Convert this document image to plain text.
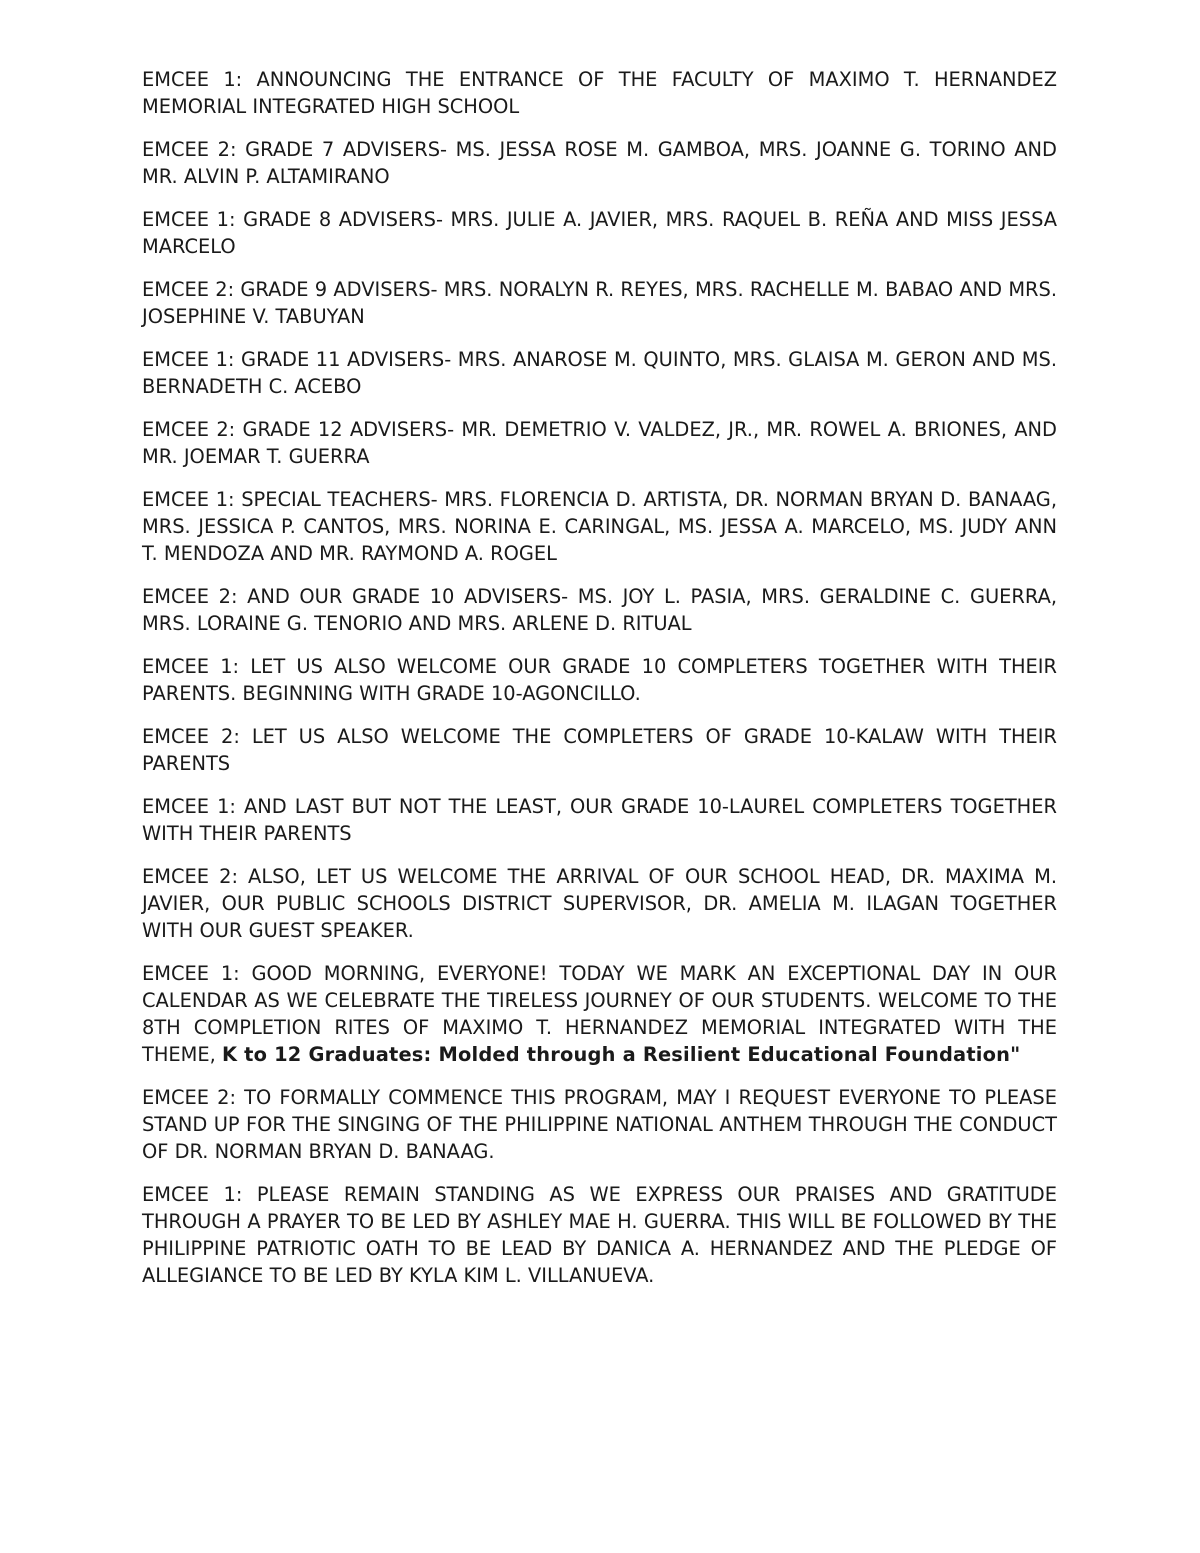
EMCEE 1: ANNOUNCING THE ENTRANCE OF THE FACULTY OF MAXIMO T. HERNANDEZ MEMORIAL INTEGRATED HIGH SCHOOL

EMCEE 2: GRADE 7 ADVISERS- MS. JESSA ROSE M. GAMBOA, MRS. JOANNE G. TORINO AND MR. ALVIN P. ALTAMIRANO

EMCEE 1: GRADE 8 ADVISERS- MRS. JULIE A. JAVIER, MRS. RAQUEL B. REÑA AND MISS JESSA MARCELO

EMCEE 2: GRADE 9 ADVISERS- MRS. NORALYN R. REYES, MRS. RACHELLE M. BABAO AND MRS. JOSEPHINE V. TABUYAN

EMCEE 1: GRADE 11 ADVISERS- MRS. ANAROSE M. QUINTO, MRS. GLAISA M. GERON AND MS. BERNADETH C. ACEBO

EMCEE 2: GRADE 12 ADVISERS- MR. DEMETRIO V. VALDEZ, JR., MR. ROWEL A. BRIONES, AND MR. JOEMAR T. GUERRA

EMCEE 1: SPECIAL TEACHERS- MRS. FLORENCIA D. ARTISTA, DR. NORMAN BRYAN D. BANAAG, MRS. JESSICA P. CANTOS, MRS. NORINA E. CARINGAL, MS. JESSA A. MARCELO, MS. JUDY ANN T. MENDOZA AND MR. RAYMOND A. ROGEL

EMCEE 2: AND OUR GRADE 10 ADVISERS- MS. JOY L. PASIA, MRS. GERALDINE C. GUERRA, MRS. LORAINE G. TENORIO AND MRS. ARLENE D. RITUAL

EMCEE 1: LET US ALSO WELCOME OUR GRADE 10 COMPLETERS TOGETHER WITH THEIR PARENTS. BEGINNING WITH GRADE 10-AGONCILLO.

EMCEE 2: LET US ALSO WELCOME THE COMPLETERS OF GRADE 10-KALAW WITH THEIR PARENTS

EMCEE 1: AND LAST BUT NOT THE LEAST, OUR GRADE 10-LAUREL COMPLETERS TOGETHER WITH THEIR PARENTS

EMCEE 2: ALSO, LET US WELCOME THE ARRIVAL OF OUR SCHOOL HEAD, DR. MAXIMA M. JAVIER, OUR PUBLIC SCHOOLS DISTRICT SUPERVISOR, DR. AMELIA M. ILAGAN TOGETHER WITH OUR GUEST SPEAKER.

EMCEE 1: GOOD MORNING, EVERYONE! TODAY WE MARK AN EXCEPTIONAL DAY IN OUR CALENDAR AS WE CELEBRATE THE TIRELESS JOURNEY OF OUR STUDENTS. WELCOME TO THE 8TH COMPLETION RITES OF MAXIMO T. HERNANDEZ MEMORIAL INTEGRATED WITH THE THEME, K to 12 Graduates: Molded through a Resilient Educational Foundation"

EMCEE 2: TO FORMALLY COMMENCE THIS PROGRAM, MAY I REQUEST EVERYONE TO PLEASE STAND UP FOR THE SINGING OF THE PHILIPPINE NATIONAL ANTHEM THROUGH THE CONDUCT OF DR. NORMAN BRYAN D. BANAAG.

EMCEE 1: PLEASE REMAIN STANDING AS WE EXPRESS OUR PRAISES AND GRATITUDE THROUGH A PRAYER TO BE LED BY ASHLEY MAE H. GUERRA. THIS WILL BE FOLLOWED BY THE PHILIPPINE PATRIOTIC OATH TO BE LEAD BY DANICA A. HERNANDEZ AND THE PLEDGE OF ALLEGIANCE TO BE LED BY KYLA KIM L. VILLANUEVA.
